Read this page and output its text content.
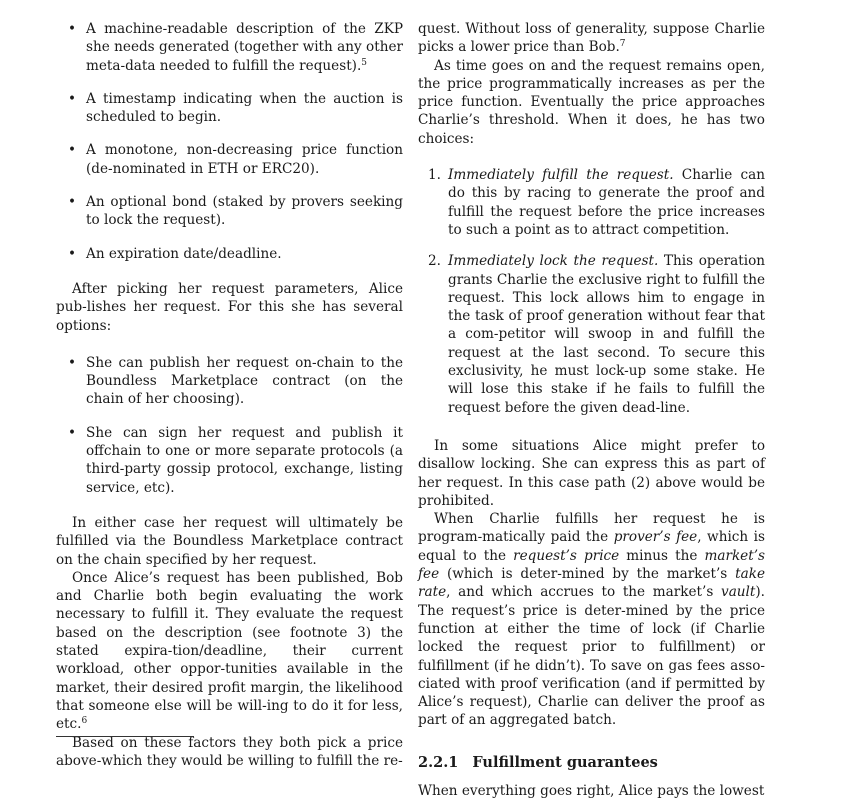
• A machine-readable description of the ZKP she needs generated (together with any other meta-data needed to fulfill the request).$^5$
• A timestamp indicating when the auction is scheduled to begin.
• A monotone, non-decreasing price function (de-nominated in ETH or ERC20).
• An optional bond (staked by provers seeking to lock the request).
• An expiration date/deadline.

After picking her request parameters, Alice pub-lishes her request. For this she has several options:

• She can publish her request on-chain to the Boundless Marketplace contract (on the chain of her choosing).
• She can sign her request and publish it offchain to one or more separate protocols (a third-party gossip protocol, exchange, listing service, etc).

In either case her request will ultimately be fulfilled via the Boundless Marketplace contract on the chain specified by her request.

Once Alice’s request has been published, Bob and Charlie both begin evaluating the work necessary to fulfill it. They evaluate the request based on the description (see footnote 3) the stated expira-tion/deadline, their current workload, other oppor-tunities available in the market, their desired profit margin, the likelihood that someone else will be will-ing to do it for less, etc.$^6$

Based on these factors they both pick a price above-which they would be willing to fulfill the re-

quest. Without loss of generality, suppose Charlie picks a lower price than Bob.$^7$

As time goes on and the request remains open, the price programmatically increases as per the price function. Eventually the price approaches Charlie’s threshold. When it does, he has two choices:

1. Immediately fulfill the request. Charlie can do this by racing to generate the proof and fulfill the request before the price increases to such a point as to attract competition.
2. Immediately lock the request. This operation grants Charlie the exclusive right to fulfill the request. This lock allows him to engage in the task of proof generation without fear that a com-petitor will swoop in and fulfill the request at the last second. To secure this exclusivity, he must lock-up some stake. He will lose this stake if he fails to fulfill the request before the given dead-line.

In some situations Alice might prefer to disallow locking. She can express this as part of her request. In this case path (2) above would be prohibited.

When Charlie fulfills her request he is program-matically paid the prover’s fee, which is equal to the request’s price minus the market’s fee (which is deter-mined by the market’s take rate, and which accrues to the market’s vault). The request’s price is deter-mined by the price function at either the time of lock (if Charlie locked the request prior to fulfillment) or fulfillment (if he didn’t). To save on gas fees asso-ciated with proof verification (and if permitted by Alice’s request), Charlie can deliver the proof as part of an aggregated batch.

2.2.1 Fulfillment guarantees

When everything goes right, Alice pays the lowest
